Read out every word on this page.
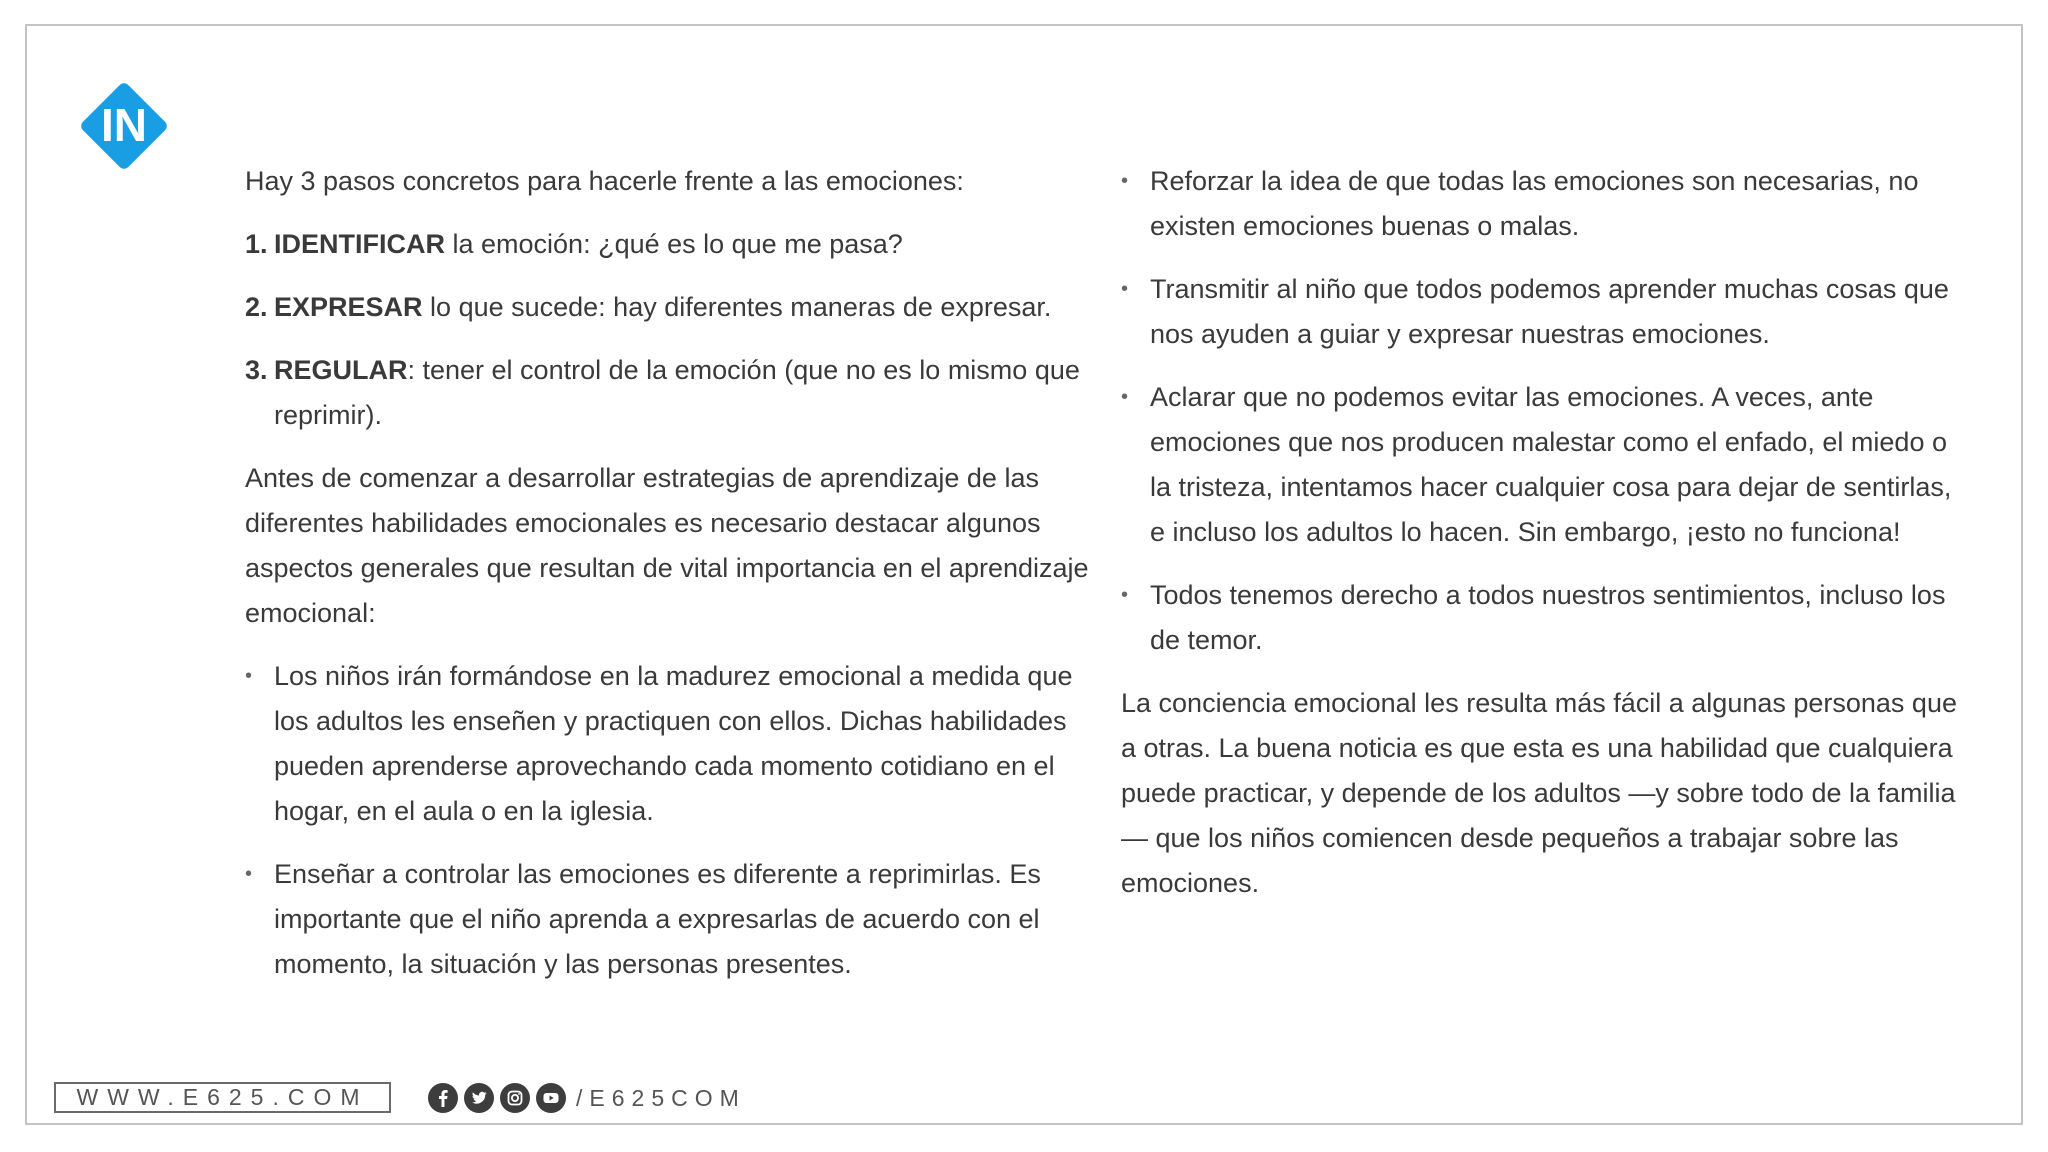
IN

Hay 3 pasos concretos para hacerle frente a las emociones:

1. IDENTIFICAR la emoción: ¿qué es lo que me pasa?
2. EXPRESAR lo que sucede: hay diferentes maneras de expresar.
3. REGULAR: tener el control de la emoción (que no es lo mismo que reprimir).

Antes de comenzar a desarrollar estrategias de aprendizaje de las diferentes habilidades emocionales es necesario destacar algunos aspectos generales que resultan de vital importancia en el aprendizaje emocional:

• Los niños irán formándose en la madurez emocional a medida que los adultos les enseñen y practiquen con ellos. Dichas habilidades pueden aprenderse aprovechando cada momento cotidiano en el hogar, en el aula o en la iglesia.
• Enseñar a controlar las emociones es diferente a reprimirlas. Es importante que el niño aprenda a expresarlas de acuerdo con el momento, la situación y las personas presentes.
• Reforzar la idea de que todas las emociones son necesarias, no existen emociones buenas o malas.
• Transmitir al niño que todos podemos aprender muchas cosas que nos ayuden a guiar y expresar nuestras emociones.
• Aclarar que no podemos evitar las emociones. A veces, ante emociones que nos producen malestar como el enfado, el miedo o la tristeza, intentamos hacer cualquier cosa para dejar de sentirlas, e incluso los adultos lo hacen. Sin embargo, ¡esto no funciona!
• Todos tenemos derecho a todos nuestros sentimientos, incluso los de temor.

La conciencia emocional les resulta más fácil a algunas personas que a otras. La buena noticia es que esta es una habilidad que cualquiera puede practicar, y depende de los adultos —y sobre todo de la familia— que los niños comiencen desde pequeños a trabajar sobre las emociones.

WWW.E625.COM	/E625COM
